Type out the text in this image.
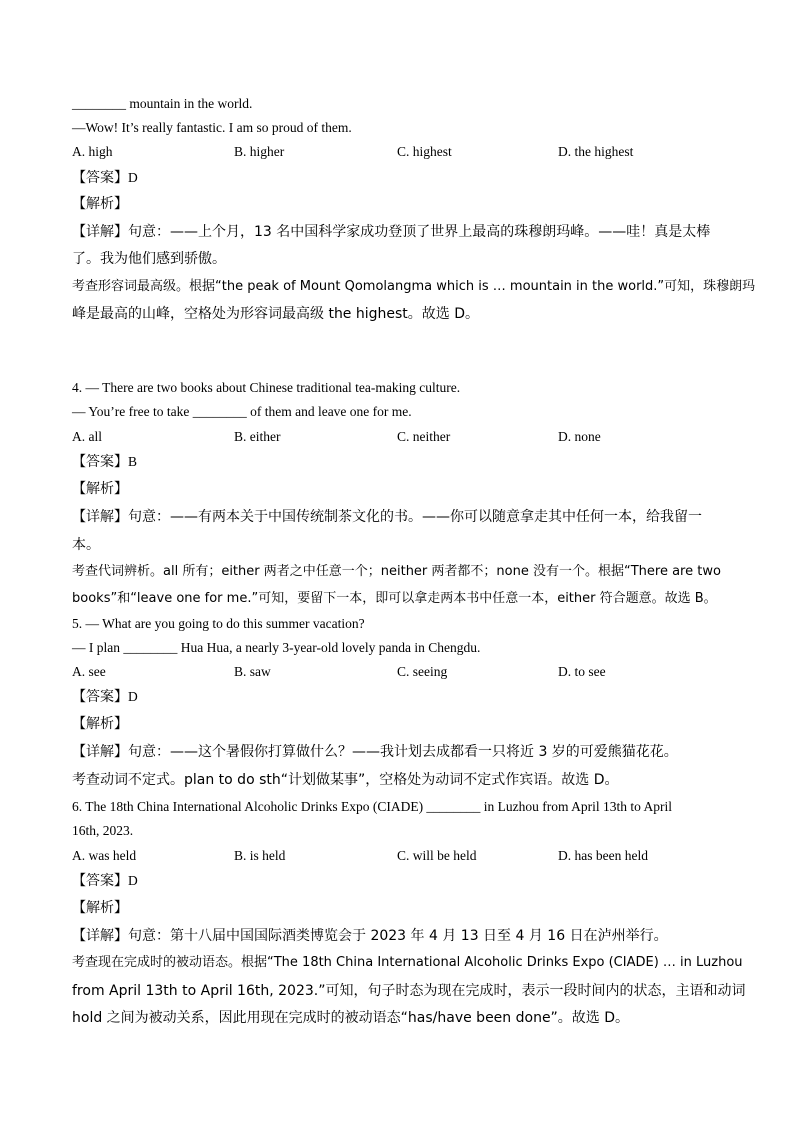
________ mountain in the world.
—Wow! It’s really fantastic. I am so proud of them.
A. high	B. higher	C. highest	D. the highest
【答案】D
【解析】
【详解】句意：——上个月，13 名中国科学家成功登顶了世界上最高的珠穆朗玛峰。——哇！真是太棒
了。我为他们感到骄傲。
考查形容词最高级。根据“the peak of Mount Qomolangma which is … mountain in the world.”可知，珠穆朗玛
峰是最高的山峰，空格处为形容词最高级 the highest。故选 D。
4. — There are two books about Chinese traditional tea-making culture.
— You’re free to take ________ of them and leave one for me.
A. all	B. either	C. neither	D. none
【答案】B
【解析】
【详解】句意：——有两本关于中国传统制茶文化的书。——你可以随意拿走其中任何一本，给我留一
本。
考查代词辨析。all 所有；either 两者之中任意一个；neither 两者都不；none 没有一个。根据“There are two
books”和“leave one for me.”可知，要留下一本，即可以拿走两本书中任意一本，either 符合题意。故选 B。
5. — What are you going to do this summer vacation?
— I plan ________ Hua Hua, a nearly 3-year-old lovely panda in Chengdu.
A. see	B. saw	C. seeing	D. to see
【答案】D
【解析】
【详解】句意：——这个暑假你打算做什么？——我计划去成都看一只将近 3 岁的可爱熊猫花花。
考查动词不定式。plan to do sth“计划做某事”，空格处为动词不定式作宾语。故选 D。
6. The 18th China International Alcoholic Drinks Expo (CIADE) ________ in Luzhou from April 13th to April
16th, 2023.
A. was held	B. is held	C. will be held	D. has been held
【答案】D
【解析】
【详解】句意：第十八届中国国际酒类博览会于 2023 年 4 月 13 日至 4 月 16 日在泸州举行。
考查现在完成时的被动语态。根据“The 18th China International Alcoholic Drinks Expo (CIADE) … in Luzhou
from April 13th to April 16th, 2023.”可知，句子时态为现在完成时，表示一段时间内的状态，主语和动词
hold 之间为被动关系，因此用现在完成时的被动语态“has/have been done”。故选 D。
